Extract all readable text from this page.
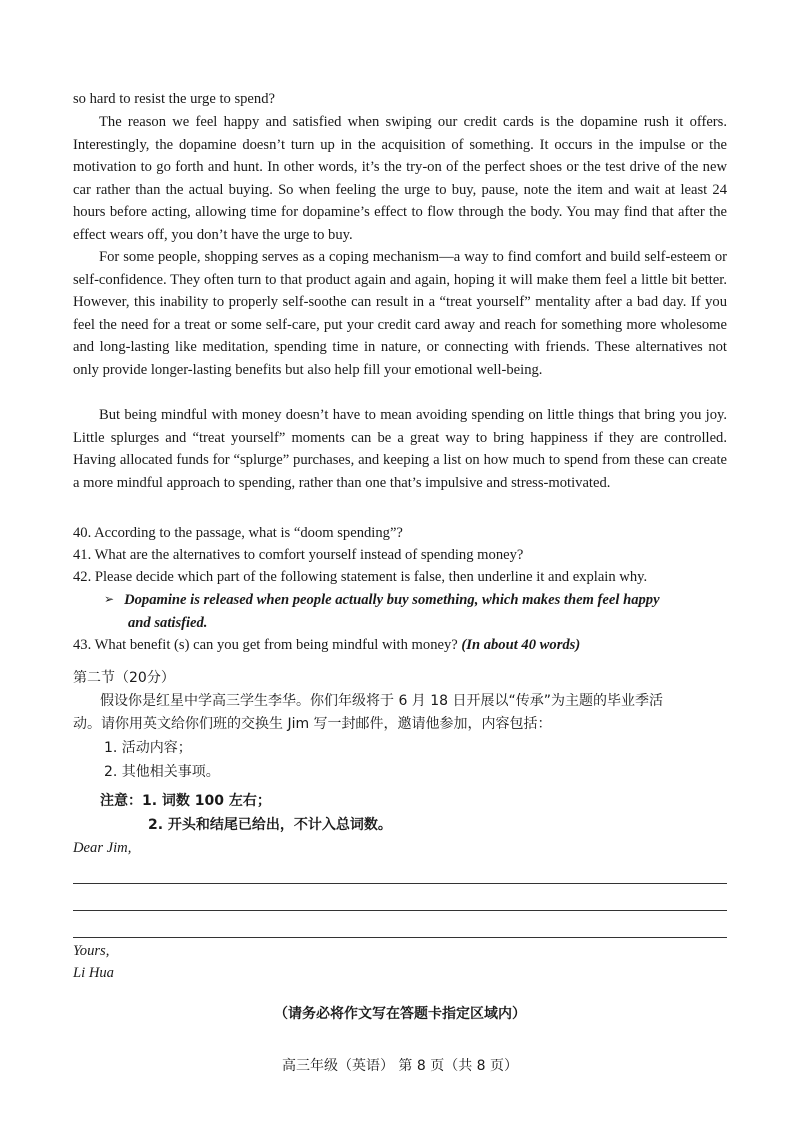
so hard to resist the urge to spend?

The reason we feel happy and satisfied when swiping our credit cards is the dopamine rush it offers. Interestingly, the dopamine doesn’t turn up in the acquisition of something. It occurs in the impulse or the motivation to go forth and hunt. In other words, it’s the try-on of the perfect shoes or the test drive of the new car rather than the actual buying. So when feeling the urge to buy, pause, note the item and wait at least 24 hours before acting, allowing time for dopamine’s effect to flow through the body. You may find that after the effect wears off, you don’t have the urge to buy.

For some people, shopping serves as a coping mechanism—a way to find comfort and build self-esteem or self-confidence. They often turn to that product again and again, hoping it will make them feel a little bit better. However, this inability to properly self-soothe can result in a “treat yourself” mentality after a bad day. If you feel the need for a treat or some self-care, put your credit card away and reach for something more wholesome and long-lasting like meditation, spending time in nature, or connecting with friends. These alternatives not only provide longer-lasting benefits but also help fill your emotional well-being.

But being mindful with money doesn’t have to mean avoiding spending on little things that bring you joy. Little splurges and “treat yourself” moments can be a great way to bring happiness if they are controlled. Having allocated funds for “splurge” purchases, and keeping a list on how much to spend from these can create a more mindful approach to spending, rather than one that’s impulsive and stress-motivated.

40. According to the passage, what is “doom spending”?

41. What are the alternatives to comfort yourself instead of spending money?

42. Please decide which part of the following statement is false, then underline it and explain why.

➢ Dopamine is released when people actually buy something, which makes them feel happy
and satisfied.

43. What benefit (s) can you get from being mindful with money? (In about 40 words)

第二节（20分）

假设你是红星中学高三学生李华。你们年级将于 6 月 18 日开展以“传承”为主题的毕业季活

动。请你用英文给你们班的交换生 Jim 写一封邮件，邀请他参加，内容包括：

1. 活动内容；

2. 其他相关事项。

注意：1. 词数 100 左右；

2. 开头和结尾已给出，不计入总词数。

Dear Jim,

Yours,

Li Hua

（请务必将作文写在答题卡指定区域内）
高三年级（英语） 第 8 页（共 8 页）
